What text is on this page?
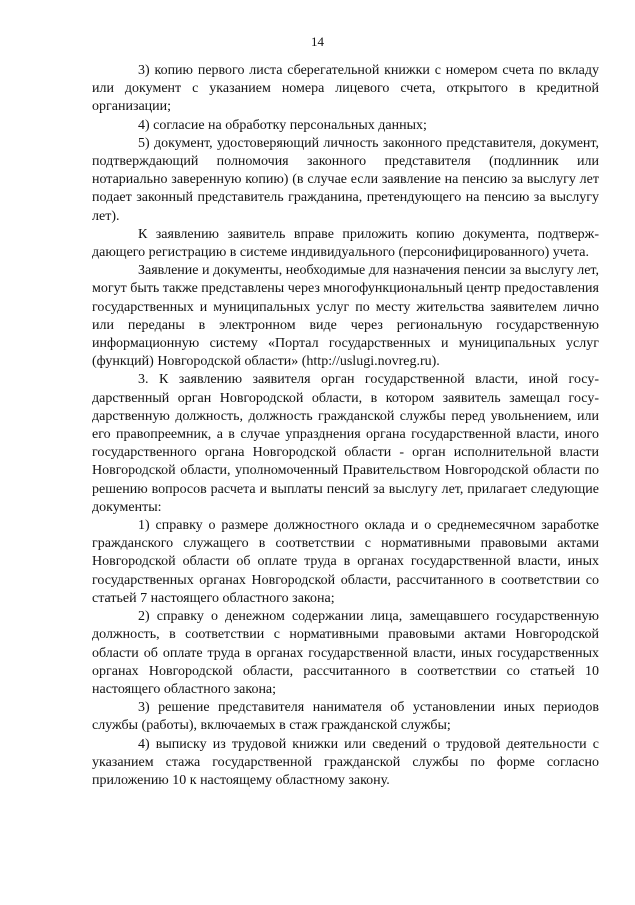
14

3) копию первого листа сберегательной книжки с номером счета по вкладу или документ с указанием номера лицевого счета, открытого в кредитной организации;

4) согласие на обработку персональных данных;

5) документ, удостоверяющий личность законного представителя, документ, подтверждающий полномочия законного представителя (подлинник или нотариально заверенную копию) (в случае если заявление на пенсию за выслугу лет подает законный представитель гражданина, претендующего на пенсию за выслугу лет).

К заявлению заявитель вправе приложить копию документа, подтверждающего регистрацию в системе индивидуального (персонифицированного) учета.

Заявление и документы, необходимые для назначения пенсии за выслугу лет, могут быть также представлены через многофункциональный центр предоставления государственных и муниципальных услуг по месту жительства заявителем лично или переданы в электронном виде через региональную государственную информационную систему «Портал государственных и муниципальных услуг (функций) Новгородской области» (http://uslugi.novreg.ru).

3. К заявлению заявителя орган государственной власти, иной государственный орган Новгородской области, в котором заявитель замещал государственную должность, должность гражданской службы перед увольнением, или его правопреемник, а в случае упразднения органа государственной власти, иного государственного органа Новгородской области - орган исполнительной власти Новгородской области, уполномоченный Правительством Новгородской области по решению вопросов расчета и выплаты пенсий за выслугу лет, прилагает следующие документы:

1) справку о размере должностного оклада и о среднемесячном заработке гражданского служащего в соответствии с нормативными правовыми актами Новгородской области об оплате труда в органах государственной власти, иных государственных органах Новгородской области, рассчитанного в соответствии со статьей 7 настоящего областного закона;

2) справку о денежном содержании лица, замещавшего государственную должность, в соответствии с нормативными правовыми актами Новгородской области об оплате труда в органах государственной власти, иных государственных органах Новгородской области, рассчитанного в соответствии со статьей 10 настоящего областного закона;

3) решение представителя нанимателя об установлении иных периодов службы (работы), включаемых в стаж гражданской службы;

4) выписку из трудовой книжки или сведений о трудовой деятельности с указанием стажа государственной гражданской службы по форме согласно приложению 10 к настоящему областному закону.
